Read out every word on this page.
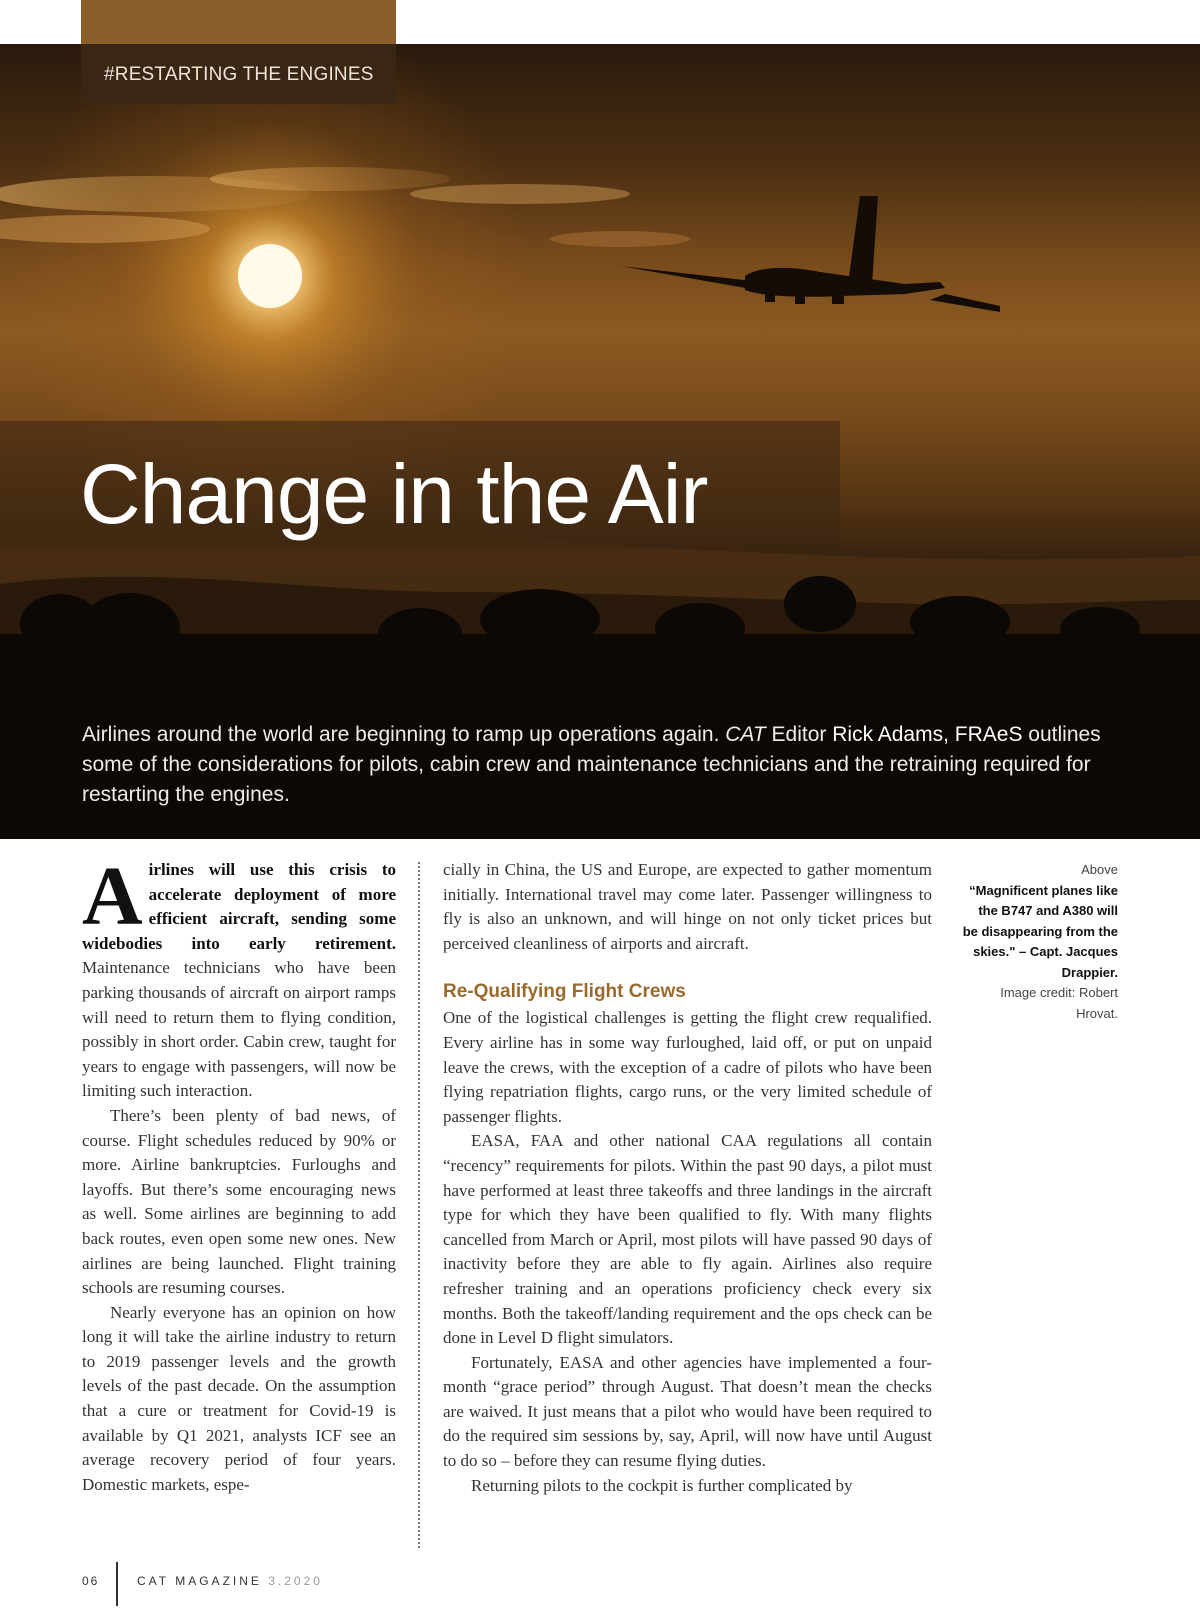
#RESTARTING THE ENGINES
Change in the Air
Airlines around the world are beginning to ramp up operations again. CAT Editor Rick Adams, FRAeS outlines some of the considerations for pilots, cabin crew and maintenance technicians and the retraining required for restarting the engines.

Airlines will use this crisis to accelerate deployment of more efficient aircraft, sending some widebodies into early retirement. Maintenance technicians who have been parking thousands of aircraft on airport ramps will need to return them to flying condition, possibly in short order. Cabin crew, taught for years to engage with passengers, will now be limiting such interaction.

There’s been plenty of bad news, of course. Flight schedules reduced by 90% or more. Airline bankruptcies. Furloughs and layoffs. But there’s some encouraging news as well. Some airlines are beginning to add back routes, even open some new ones. New airlines are being launched. Flight training schools are resuming courses.

Nearly everyone has an opinion on how long it will take the airline industry to return to 2019 passenger levels and the growth levels of the past decade. On the assumption that a cure or treatment for Covid-19 is available by Q1 2021, analysts ICF see an average recovery period of four years. Domestic markets, espe-

cially in China, the US and Europe, are expected to gather momentum initially. International travel may come later. Passenger willingness to fly is also an unknown, and will hinge on not only ticket prices but perceived cleanliness of airports and aircraft.

Re-Qualifying Flight Crews

One of the logistical challenges is getting the flight crew requalified. Every airline has in some way furloughed, laid off, or put on unpaid leave the crews, with the exception of a cadre of pilots who have been flying repatriation flights, cargo runs, or the very limited schedule of passenger flights.

EASA, FAA and other national CAA regulations all contain “recency” requirements for pilots. Within the past 90 days, a pilot must have performed at least three takeoffs and three landings in the aircraft type for which they have been qualified to fly. With many flights cancelled from March or April, most pilots will have passed 90 days of inactivity before they are able to fly again. Airlines also require refresher training and an operations proficiency check every six months. Both the takeoff/landing requirement and the ops check can be done in Level D flight simulators.

Fortunately, EASA and other agencies have implemented a four-month “grace period” through August. That doesn’t mean the checks are waived. It just means that a pilot who would have been required to do the required sim sessions by, say, April, will now have until August to do so – before they can resume flying duties.

Returning pilots to the cockpit is further complicated by

Above
“Magnificent planes like the B747 and A380 will be disappearing from the skies." – Capt. Jacques Drappier.
Image credit: Robert Hrovat.
06	CAT MAGAZINE 3.2020
